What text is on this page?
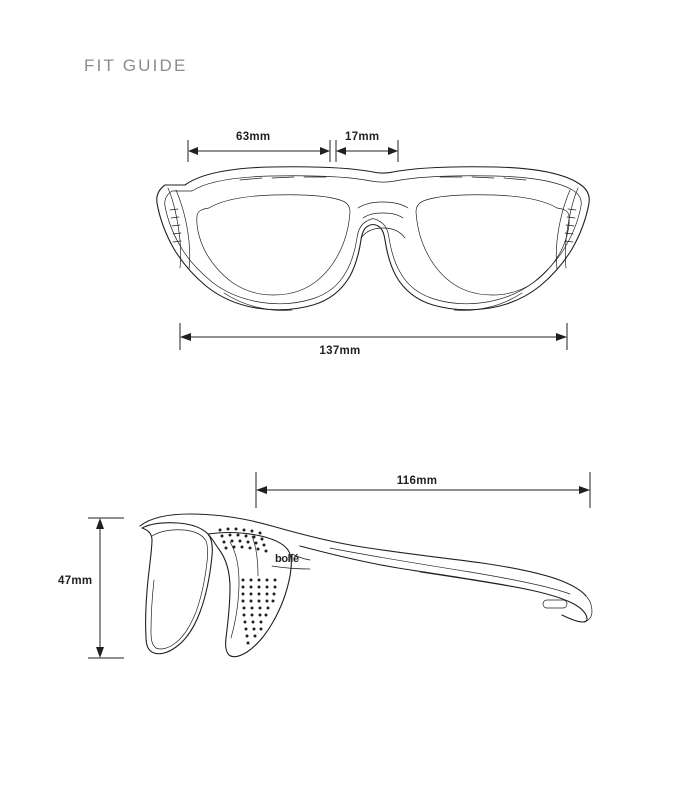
FIT GUIDE
63mm	17mm
137mm
bollé
116mm
47mm
